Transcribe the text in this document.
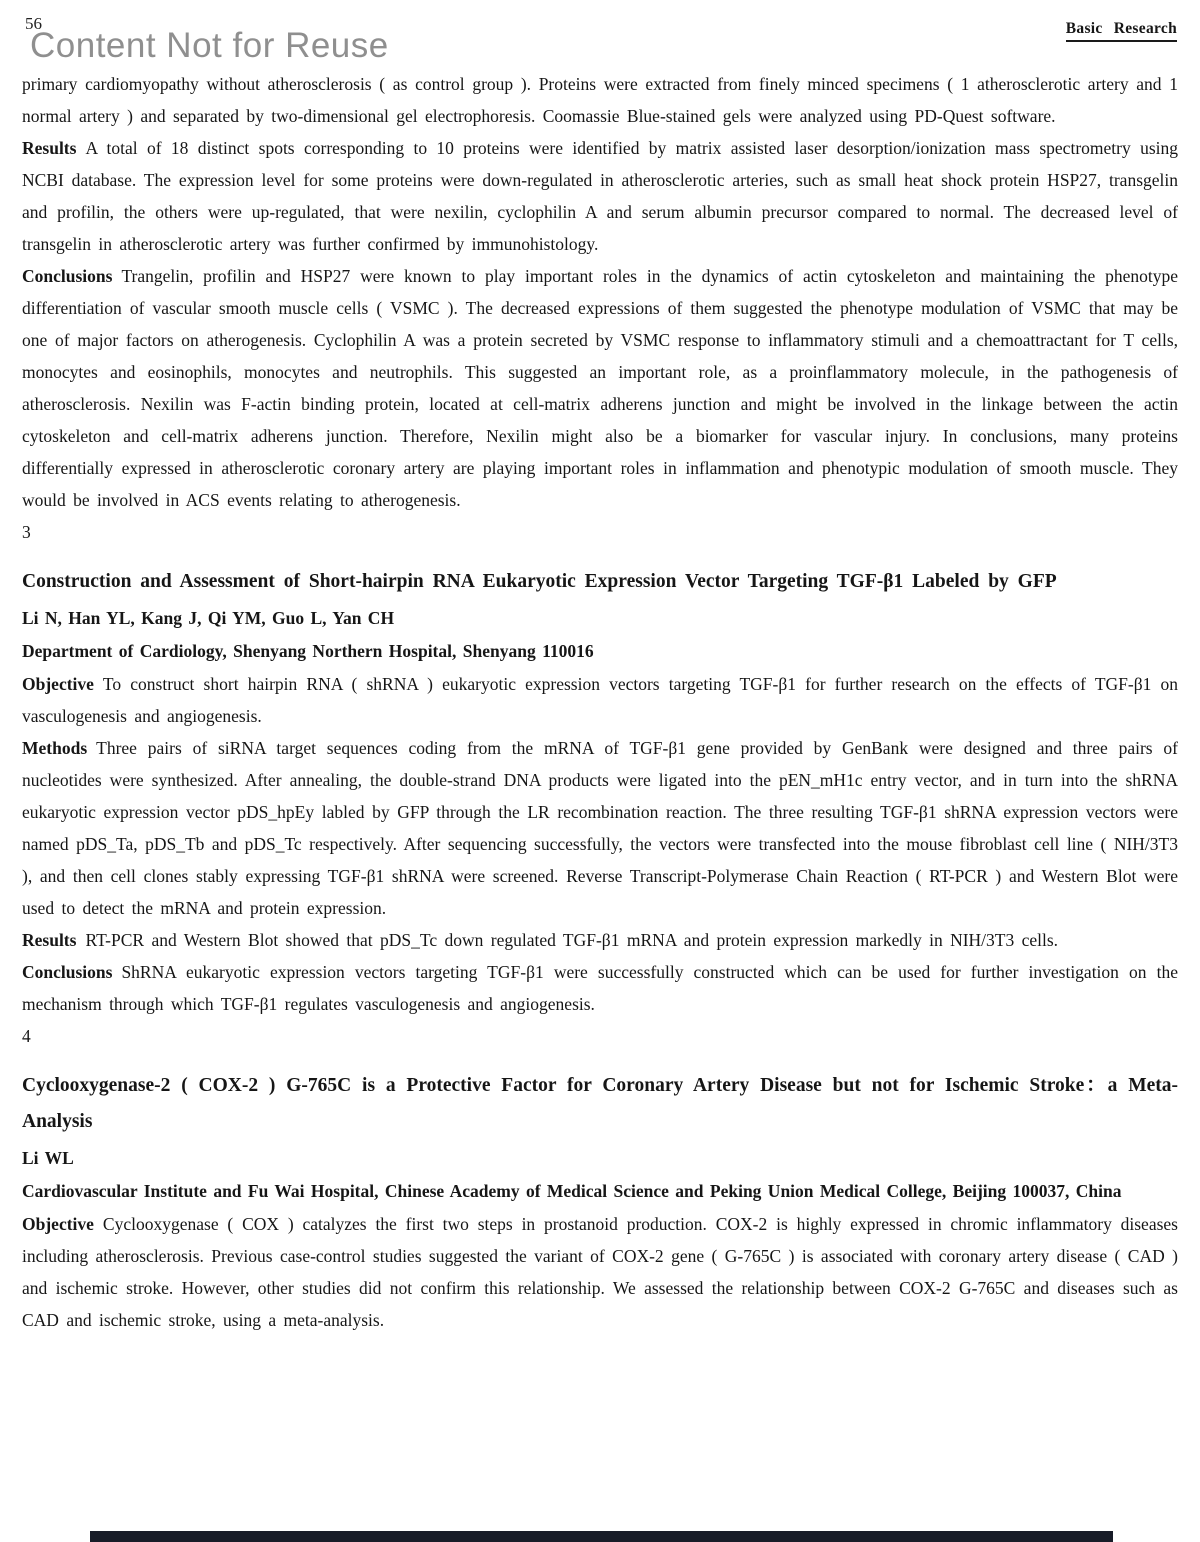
56	Basic Research
Content Not for Reuse

primary cardiomyopathy without atherosclerosis ( as control group ). Proteins were extracted from finely minced specimens ( 1 atherosclerotic artery and 1 normal artery ) and separated by two-dimensional gel electrophoresis. Coomassie Blue-stained gels were analyzed using PD-Quest software.

Results A total of 18 distinct spots corresponding to 10 proteins were identified by matrix assisted laser desorption/ionization mass spectrometry using NCBI database. The expression level for some proteins were down-regulated in atherosclerotic arteries, such as small heat shock protein HSP27, transgelin and profilin, the others were up-regulated, that were nexilin, cyclophilin A and serum albumin precursor compared to normal. The decreased level of transgelin in atherosclerotic artery was further confirmed by immunohistology.

Conclusions Trangelin, profilin and HSP27 were known to play important roles in the dynamics of actin cytoskeleton and maintaining the phenotype differentiation of vascular smooth muscle cells ( VSMC ). The decreased expressions of them suggested the phenotype modulation of VSMC that may be one of major factors on atherogenesis. Cyclophilin A was a protein secreted by VSMC response to inflammatory stimuli and a chemoattractant for T cells, monocytes and eosinophils, monocytes and neutrophils. This suggested an important role, as a proinflammatory molecule, in the pathogenesis of atherosclerosis. Nexilin was F-actin binding protein, located at cell-matrix adherens junction and might be involved in the linkage between the actin cytoskeleton and cell-matrix adherens junction. Therefore, Nexilin might also be a biomarker for vascular injury. In conclusions, many proteins differentially expressed in atherosclerotic coronary artery are playing important roles in inflammation and phenotypic modulation of smooth muscle. They would be involved in ACS events relating to atherogenesis.

3

Construction and Assessment of Short-hairpin RNA Eukaryotic Expression Vector Targeting TGF-β1 Labeled by GFP

Li N, Han YL, Kang J, Qi YM, Guo L, Yan CH

Department of Cardiology, Shenyang Northern Hospital, Shenyang 110016

Objective To construct short hairpin RNA ( shRNA ) eukaryotic expression vectors targeting TGF-β1 for further research on the effects of TGF-β1 on vasculogenesis and angiogenesis.

Methods Three pairs of siRNA target sequences coding from the mRNA of TGF-β1 gene provided by GenBank were designed and three pairs of nucleotides were synthesized. After annealing, the double-strand DNA products were ligated into the pEN_mH1c entry vector, and in turn into the shRNA eukaryotic expression vector pDS_hpEy labled by GFP through the LR recombination reaction. The three resulting TGF-β1 shRNA expression vectors were named pDS_Ta, pDS_Tb and pDS_Tc respectively. After sequencing successfully, the vectors were transfected into the mouse fibroblast cell line ( NIH/3T3 ), and then cell clones stably expressing TGF-β1 shRNA were screened. Reverse Transcript-Polymerase Chain Reaction ( RT-PCR ) and Western Blot were used to detect the mRNA and protein expression.

Results RT-PCR and Western Blot showed that pDS_Tc down regulated TGF-β1 mRNA and protein expression markedly in NIH/3T3 cells.

Conclusions ShRNA eukaryotic expression vectors targeting TGF-β1 were successfully constructed which can be used for further investigation on the mechanism through which TGF-β1 regulates vasculogenesis and angiogenesis.

4

Cyclooxygenase-2 ( COX-2 ) G-765C is a Protective Factor for Coronary Artery Disease but not for Ischemic Stroke：a Meta-Analysis

Li WL

Cardiovascular Institute and Fu Wai Hospital, Chinese Academy of Medical Science and Peking Union Medical College, Beijing 100037, China

Objective Cyclooxygenase ( COX ) catalyzes the first two steps in prostanoid production. COX-2 is highly expressed in chromic inflammatory diseases including atherosclerosis. Previous case-control studies suggested the variant of COX-2 gene ( G-765C ) is associated with coronary artery disease ( CAD ) and ischemic stroke. However, other studies did not confirm this relationship. We assessed the relationship between COX-2 G-765C and diseases such as CAD and ischemic stroke, using a meta-analysis.
